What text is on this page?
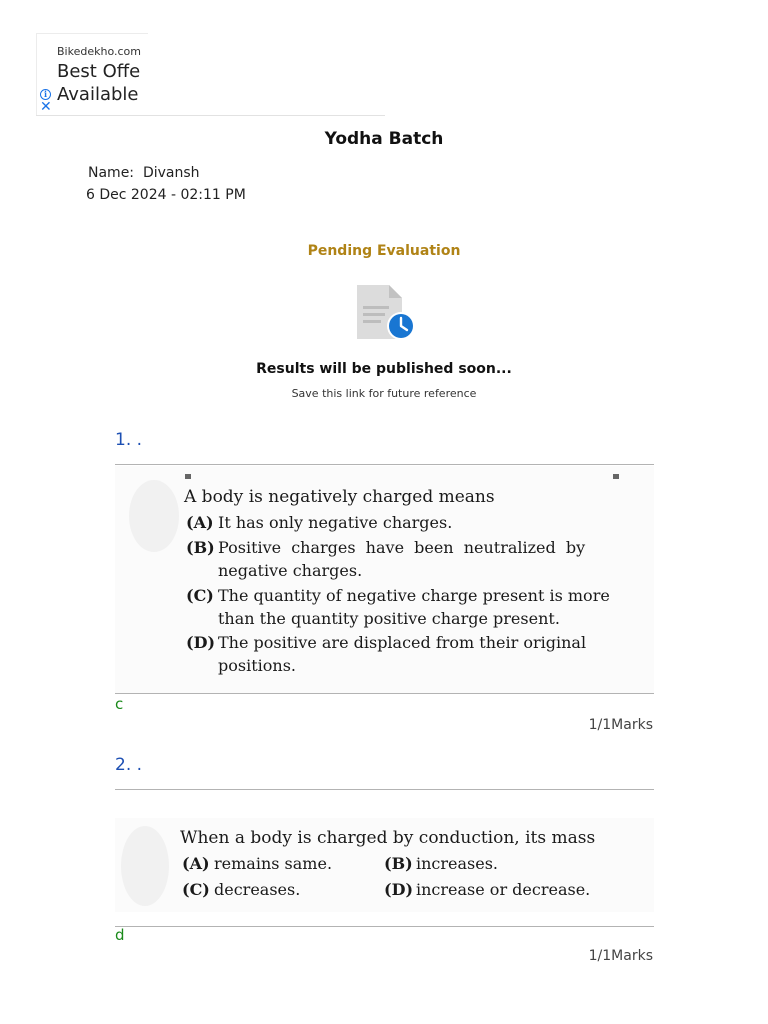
Bikedekho.com
Best Offe
Available
i
✕
Yodha Batch
Name: Divansh
6 Dec 2024 - 02:11 PM
Pending Evaluation
Results will be published soon...
Save this link for future reference
1. .
A body is negatively charged means
(A) It has only negative charges.
(B) Positive charges have been neutralized by
negative charges.
(C) The quantity of negative charge present is more
than the quantity positive charge present.
(D) The positive are displaced from their original
positions.
c
1/1Marks
2. .
When a body is charged by conduction, its mass
(A) remains same.	(B) increases.
(C) decreases.	(D) increase or decrease.
d
1/1Marks
